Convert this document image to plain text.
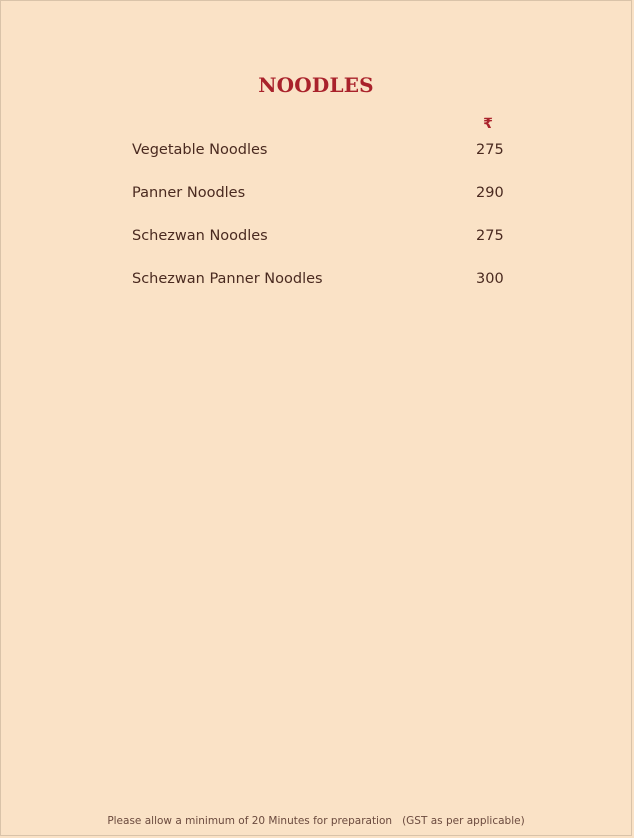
NOODLES
₹
Vegetable Noodles	275
Panner Noodles	290
Schezwan Noodles	275
Schezwan Panner Noodles	300
Please allow a minimum of 20 Minutes for preparation (GST as per applicable)
